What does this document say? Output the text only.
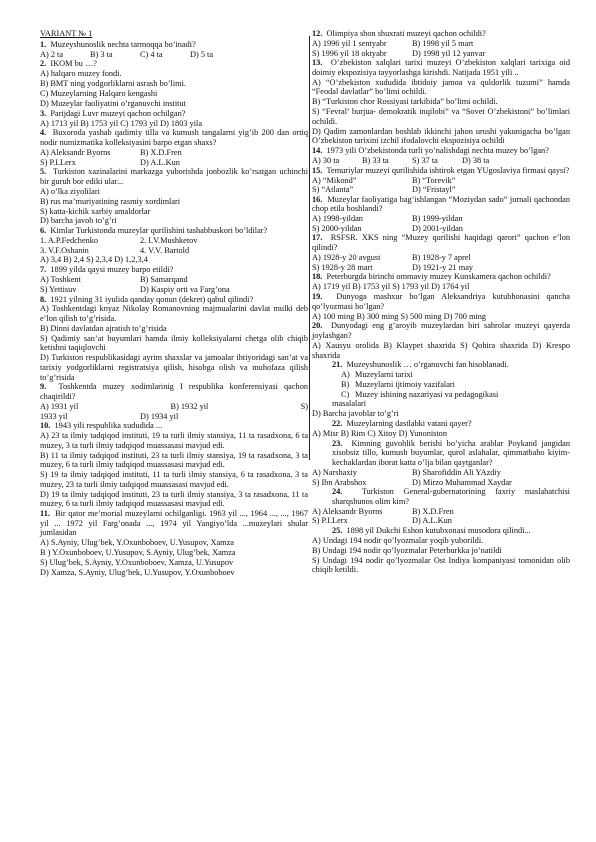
VARIANT № 1

1. Muzeyshunoslik nechta tarmoqqa bo’inadi?

A) 2 ta	B) 3 ta	C) 4 ta	D) 5 ta

2. IKOM bu …?

A) halqaro muzey fondi.

B) BMT ning yodgorliklarni asrash bo’limi.

C) Muzeylarning Halqaro kengashi

D) Muzeylar faoliyatini o’rganuvchi institut

3. Parijdagi Luvr muzeyi qachon ochilgan?

A) 1713 yil B) 1753 yil C) 1793 yil D) 1803 yila

4. Buxoroda yashab qadimiy tilla va kumush tangalarni yig’ib 200 dan ortiq nodir numizmatika kolleksiyasini barpo etgan shaxs?

A) Aleksandr Byorns	B) X.D.Fren
S) P.I.Lerx	D) A.L.Kun

5. Turkiston xazinalarini markazga yuborishda jonbozlik ko’rsatgan uchinchi bir guruh bor ediki ular...

A) o’lka ziyolilari

B) rus ma’muriyatining rasmiy xordimlari

S) katta-kichik xarbiy amaldorlar

D) barcha javob to’g’ri

6. Kimlar Turkistonda muzeylar qurilishini tashabbuskori bo’ldilar?

1. A.P.Fedchenko	2. I.V.Mushketov
3. V.F.Oshanin	4. V.V. Bartold

A) 3,4 B) 2,4 S) 2,3,4 D) 1,2,3,4

7. 1899 yilda qaysi muzey barpo etildi?

A) Toshkent	B) Samarqand
S) Yettisuv	D) Kaspiy orti va Farg’ona

8. 1921 yilning 31 iyulida qanday qonun (dekret) qabul qilindi?

A) Toshkentdagi knyaz Nikolay Romanovning majmualarini davlat mulki deb e’lon qilish to’g’risida.

B) Dinni davlatdan ajratish to’g’risida

S) Qadimiy san’at buyumlari hamda ilmiy kolleksiyalarni chetga olib chiqib ketishni taqiqlovchi

D) Turkiston respublikasidagi ayrim shaxslar va jamoalar ihtiyoridagi san’at va tarixiy yodgorliklarni registratsiya qilish, hisobga olish va muhofaza qilish to’g’risida

9. Toshkentda muzey xodimlarinig I respublika konferensiyasi qachon chaqirildi?

A) 1931 yil	B) 1932 yil	S)
1933 yil	D) 1934 yil

10. 1943 yili respublika xududida ...

A) 23 ta ilmiy tadqiqod instituti, 19 ta turli ilmiy stansiya, 11 ta rasadxona, 6 ta muzey, 3 ta turli ilmiy tadqiqod muassasasi mavjud edi.

B) 11 ta ilmiy tadqiqod instituti, 23 ta turli ilmiy stansiya, 19 ta rasadxona, 3 ta muzey, 6 ta turli ilmiy tadqiqod muassasasi mavjud edi.

S) 19 ta ilmiy tadqiqod instituti, 11 ta turli ilmiy stansiya, 6 ta rasadxona, 3 ta muzey, 23 ta turli ilmiy tadqiqod muassasasi mavjud edi.

D) 19 ta ilmiy tadqiqod instituti, 23 ta turli ilmiy stansiya, 3 ta rasadxona, 11 ta muzey, 6 ta turli ilmiy tadqiqod muassasasi mavjud edi.

11. Bir qator me’morial muzeylarni ochilganligi. 1963 yil ..., 1964 ..., ..., 1967 yil ... 1972 yil Farg’onada ..., 1974 yil Yangiyo’lda ...muzeylari shular jumlasidan

A) S.Ayniy, Ulug’bek, Y.Oxunboboev, U.Yusupov, Xamza

B ) Y.Oxunboboev, U.Yusupov, S.Ayniy, Ulug’bek, Xamza

S) Ulug’bek, S.Ayniy, Y.Oxunboboev, Xamza, U.Yusupov

D) Xamza, S.Ayniy, Ulug’bek, U.Yusupov, Y.Oxunboboev

12. Olimpiya shon shuxrati muzeyi qachon ochildi?

A) 1996 yil 1 sentyabr	B) 1998 yil 5 mart
S) 1996 yil 18 oktyabr	D) 1998 yil 12 yanvar

13. O’zbekiston xalqlari tarixi muzeyi O’zbekiston xalqlari tarixiga oid doimiy ekspozisiya tayyorlashga kirishdi. Natijada 1951 yili ..

A) “O’zbekiston xududida ibtidoiy jamoa va quldorlik tuzumi” hamda “Feodal davlatlar” bo’limi ochildi.

B) “Turkiston chor Rossiyasi tarkibida” bo’limi ochildi.

S) “Fevral’ burjua- demokratik inqilobi” va “Sovet O’zbekistoni” bo’limlari ochildi.

D) Qadim zamonlardan boshlab ikkinchi jahon urushi yakunigacha bo’lgan O’zbekiston tarixini izchil ifodalovchi ekspozisiya ochildi

14. 1973 yili O’zbekistonda turli yo’nalishdagi nechta muzey bo’lgan?

A) 30 ta	B) 33 ta	S) 37 ta	D) 38 ta

15. Temuriylar muzeyi qurilishida ishtirok etgan YUgoslaviya firmasi qaysi?

A) “Mikond”	B) “Torevik”
S) “Atlanta”	D) “Fristayl”

16. Muzeylar faoliyatiga bag’ishlangan “Moziydan sado” jurnali qachondan chop etila boshlandi?

A) 1998-yildan	B) 1999-yildan
S) 2000-yildan	D) 2001-yildan

17. RSFSR. XKS ning “Muzey qurilishi haqidagi qarori” qachon e’lon qilindi?

A) 1928-y 20 avgust	B) 1928-y 7 aprel
S) 1928-y 28 mart	D) 1921-y 21 may

18. Peterburgda birinchi ommaviy muzey Kunskamera qachon ochildi?

A) 1719 yil B) 1753 yil S) 1793 yil D) 1764 yil

19. Dunyoga mashxur bo’lgan Aleksandriya kutubhonasini qancha qo’lyozmasi bo’lgan?

A) 100 ming B) 300 ming S) 500 ming D) 700 ming

20. Dunyodagi eng g’aroyib muzeylardan biri sahrolar muzeyi qayerda joylashgan?

A) Xausyu orolida B) Klaypet shaxrida S) Qohira shaxrida D) Krespo shaxrida

21. Muzeyshunoslik … o’rganuvchi fan hisoblanadi.

A) Muzeylarni tarixi
B) Muzeylarni ijtimoiy vazifalari
C) Muzey ishining nazariyasi va pedagogikasi

masalalari

D) Barcha javoblar to’g’ri

22. Muzeylarning dastlabki vatani qayer?

A) Misr B) Rim C) Xitoy D) Yunoniston

23. Kimning guvohlik berishi bo’yicha arablar Poykand jangidan xisobsiz tillo, kumush buyumlar, qurol aslahalar, qimmatbaho kiyim-kechaklardan iborat katta o’lja bilan qaytganlar?

A) Narshaxiy	B) Sharofiddin Ali YAzdiy
S) Ibn Arabshox	D) Mirzo Muhammad Xaydar

24. Turkiston General-gubernatorining faxriy maslahatchisi sharqshunos olim kim?

A) Aleksandr Byorns	B) X.D.Fren
S) P.I.Lerx	D) A.L.Kun

25. 1898 yil Dukchi Eshon kutubxonasi musodora qilindi...

A) Undagi 194 nodir qo’lyozmalar yoqib yuborildi.

B) Undagi 194 nodir qo’lyozmalar Peterburkka jo’natildi

S) Undagi 194 nodir qo’lyozmalar Ost Indiya kompaniyasi tomonidan olib chiqib ketildi.
